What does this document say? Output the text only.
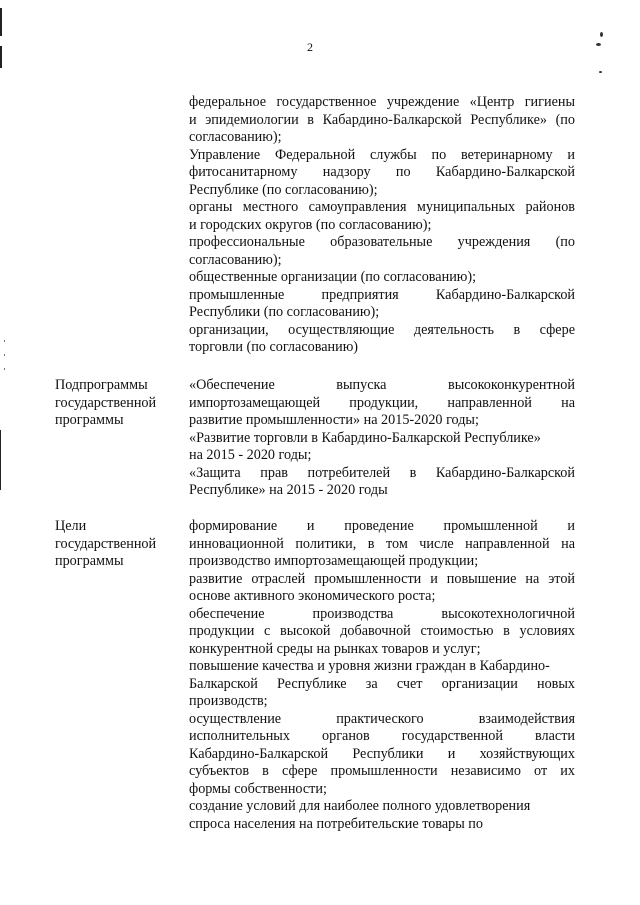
2
федеральное государственное учреждение «Центр гигиены
и эпидемиологии в Кабардино-Балкарской Республике» (по
согласованию);
Управление Федеральной службы по ветеринарному и
фитосанитарному надзору по Кабардино-Балкарской
Республике (по согласованию);
органы местного самоуправления муниципальных районов
и городских округов (по согласованию);
профессиональные образовательные учреждения (по
согласованию);
общественные организации (по согласованию);
промышленные предприятия Кабардино-Балкарской
Республики (по согласованию);
организации, осуществляющие деятельность в сфере
торговли (по согласованию)
Подпрограммы
государственной
программы
«Обеспечение выпуска высококонкурентной
импортозамещающей продукции, направленной на
развитие промышленности» на 2015-2020 годы;
«Развитие торговли в Кабардино-Балкарской Республике»
на 2015 - 2020 годы;
«Защита прав потребителей в Кабардино-Балкарской
Республике» на 2015 - 2020 годы
Цели
государственной
программы
формирование и проведение промышленной и
инновационной политики, в том числе направленной на
производство импортозамещающей продукции;
развитие отраслей промышленности и повышение на этой
основе активного экономического роста;
обеспечение производства высокотехнологичной
продукции с высокой добавочной стоимостью в условиях
конкурентной среды на рынках товаров и услуг;
повышение качества и уровня жизни граждан в Кабардино-
Балкарской Республике за счет организации новых
производств;
осуществление практического взаимодействия
исполнительных органов государственной власти
Кабардино-Балкарской Республики и хозяйствующих
субъектов в сфере промышленности независимо от их
формы собственности;
создание условий для наиболее полного удовлетворения
спроса населения на потребительские товары по
